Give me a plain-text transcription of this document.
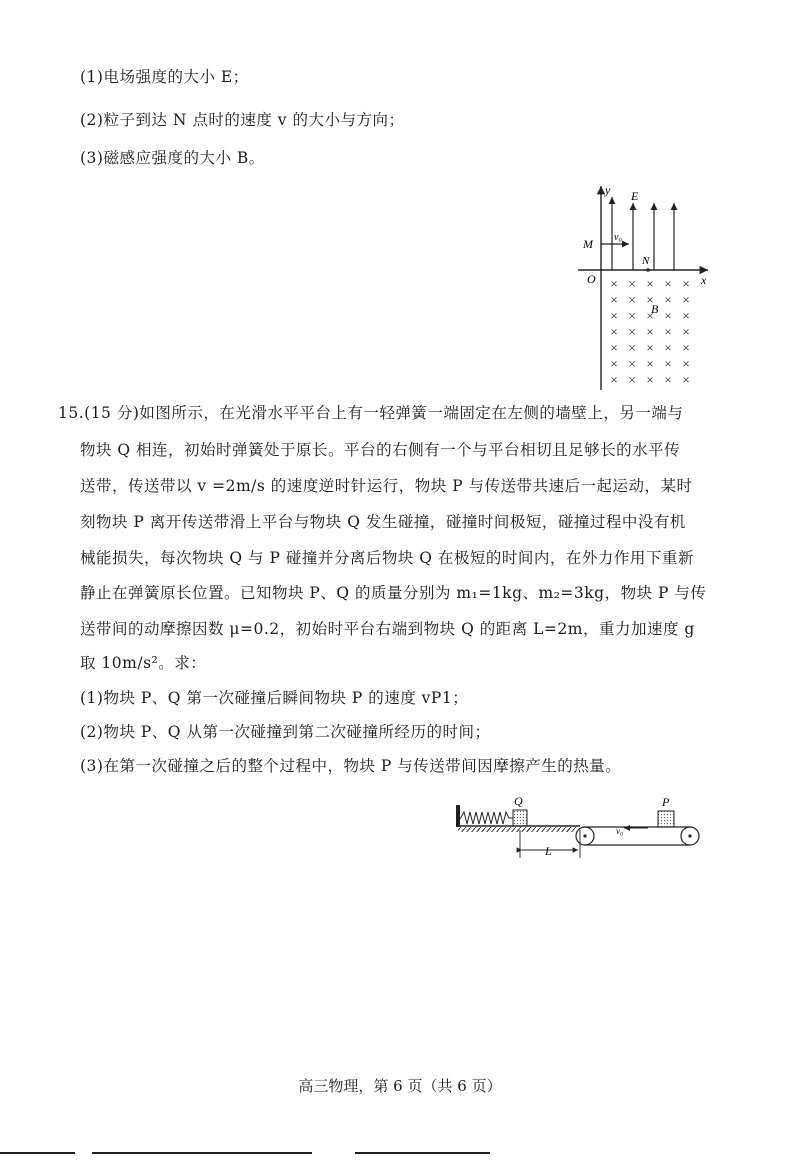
(1)电场强度的大小 E；
(2)粒子到达 N 点时的速度 v 的大小与方向；
(3)磁感应强度的大小 B。
y E
v₀
M
N
O	x
B
× × × × ×
× × × × ×
× × × × ×
× × × × ×
× × × × ×
× × × × ×
× × × × ×
15.(15 分)如图所示，在光滑水平平台上有一轻弹簧一端固定在左侧的墙壁上，另一端与
物块 Q 相连，初始时弹簧处于原长。平台的右侧有一个与平台相切且足够长的水平传
送带，传送带以 v =2m/s 的速度逆时针运行，物块 P 与传送带共速后一起运动，某时
刻物块 P 离开传送带滑上平台与物块 Q 发生碰撞，碰撞时间极短，碰撞过程中没有机
械能损失，每次物块 Q 与 P 碰撞并分离后物块 Q 在极短的时间内，在外力作用下重新
静止在弹簧原长位置。已知物块 P、Q 的质量分别为 m₁=1kg、m₂=3kg，物块 P 与传
送带间的动摩擦因数 μ=0.2，初始时平台右端到物块 Q 的距离 L=2m，重力加速度 g
取 10m/s²。求：
(1)物块 P、Q 第一次碰撞后瞬间物块 P 的速度 vP1；
(2)物块 P、Q 从第一次碰撞到第二次碰撞所经历的时间；
(3)在第一次碰撞之后的整个过程中，物块 P 与传送带间因摩擦产生的热量。
Q	P
v₀
L
高三物理，第 6 页（共 6 页）
